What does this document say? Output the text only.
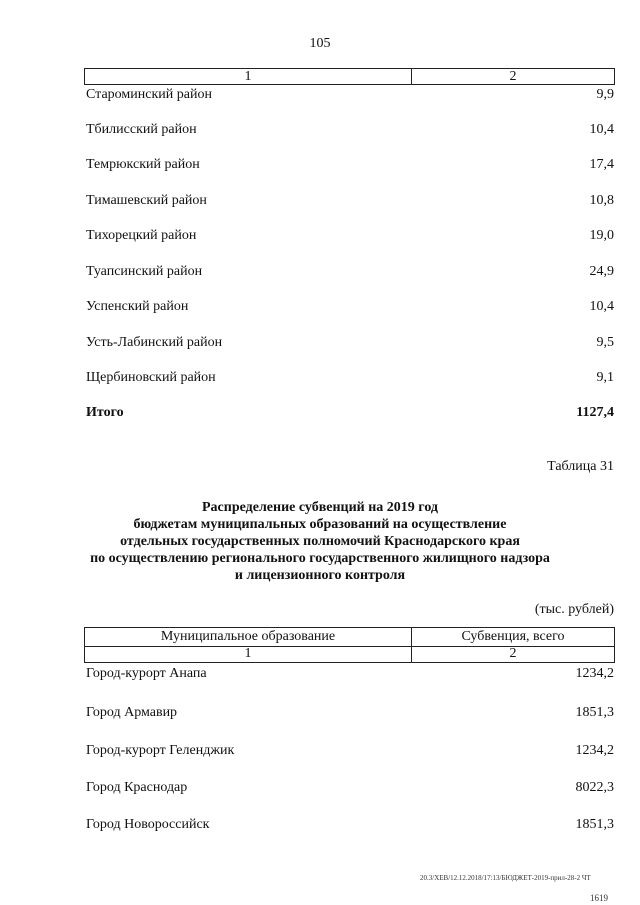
105
1	2
Староминский район	9,9
Тбилисский район	10,4
Темрюкский район	17,4
Тимашевский район	10,8
Тихорецкий район	19,0
Туапсинский район	24,9
Успенский район	10,4
Усть-Лабинский район	9,5
Щербиновский район	9,1
Итого	1127,4
Таблица 31
Распределение субвенций на 2019 год
бюджетам муниципальных образований на осуществление
отдельных государственных полномочий Краснодарского края
по осуществлению регионального государственного жилищного надзора
и лицензионного контроля
(тыс. рублей)
Муниципальное образование	Субвенция, всего
1	2
Город-курорт Анапа	1234,2
Город Армавир	1851,3
Город-курорт Геленджик	1234,2
Город Краснодар	8022,3
Город Новороссийск	1851,3
20.3/ХЕВ/12.12.2018/17:13/БЮДЖЕТ-2019-прил-28-2 ЧТ
1619
